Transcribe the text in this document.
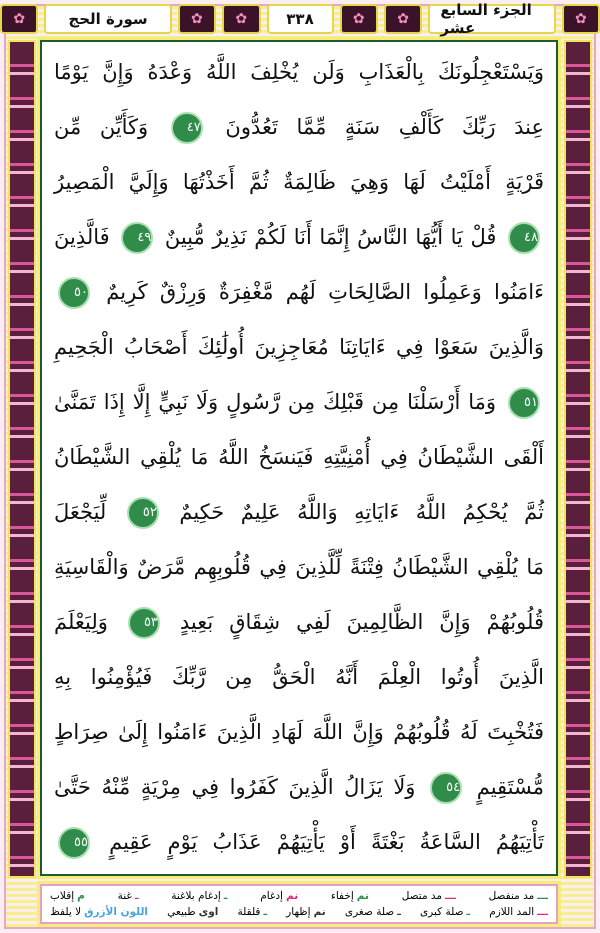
✿	سورة الحج	✿	✿	٣٣٨	✿	✿	الجزء السابع عشر	✿
وَيَسْتَعْجِلُونَكَ بِالْعَذَابِ وَلَن يُخْلِفَ اللَّهُ وَعْدَهُ وَإِنَّ يَوْمًا
عِندَ رَبِّكَ كَأَلْفِ سَنَةٍ مِّمَّا تَعُدُّونَ ٤٧ وَكَأَيِّن مِّن
قَرْيَةٍ أَمْلَيْتُ لَهَا وَهِيَ ظَالِمَةٌ ثُمَّ أَخَذْتُهَا وَإِلَيَّ الْمَصِيرُ
٤٨ قُلْ يَا أَيُّهَا النَّاسُ إِنَّمَا أَنَا لَكُمْ نَذِيرٌ مُّبِينٌ ٤٩ فَالَّذِينَ
ءَامَنُوا وَعَمِلُوا الصَّالِحَاتِ لَهُم مَّغْفِرَةٌ وَرِزْقٌ كَرِيمٌ ٥٠
وَالَّذِينَ سَعَوْا فِي ءَايَاتِنَا مُعَاجِزِينَ أُولَٰئِكَ أَصْحَابُ الْجَحِيمِ
٥١ وَمَا أَرْسَلْنَا مِن قَبْلِكَ مِن رَّسُولٍ وَلَا نَبِيٍّ إِلَّا إِذَا تَمَنَّىٰ
أَلْقَى الشَّيْطَانُ فِي أُمْنِيَّتِهِ فَيَنسَخُ اللَّهُ مَا يُلْقِي الشَّيْطَانُ
ثُمَّ يُحْكِمُ اللَّهُ ءَايَاتِهِ وَاللَّهُ عَلِيمٌ حَكِيمٌ ٥٢ لِّيَجْعَلَ
مَا يُلْقِي الشَّيْطَانُ فِتْنَةً لِّلَّذِينَ فِي قُلُوبِهِم مَّرَضٌ وَالْقَاسِيَةِ
قُلُوبُهُمْ وَإِنَّ الظَّالِمِينَ لَفِي شِقَاقٍ بَعِيدٍ ٥٣ وَلِيَعْلَمَ
الَّذِينَ أُوتُوا الْعِلْمَ أَنَّهُ الْحَقُّ مِن رَّبِّكَ فَيُؤْمِنُوا بِهِ
فَتُخْبِتَ لَهُ قُلُوبُهُمْ وَإِنَّ اللَّهَ لَهَادِ الَّذِينَ ءَامَنُوا إِلَىٰ صِرَاطٍ
مُّسْتَقِيمٍ ٥٤ وَلَا يَزَالُ الَّذِينَ كَفَرُوا فِي مِرْيَةٍ مِّنْهُ حَتَّىٰ
تَأْتِيَهُمُ السَّاعَةُ بَغْتَةً أَوْ يَأْتِيَهُمْ عَذَابُ يَوْمٍ عَقِيمٍ ٥٥
ـــ
مد منفصل
ـــ
مد متصل
نم
إخفاء
نم
إدغام
ـ
إدغام بلاغنة
ـ
غنة
م
إقلاب
ـــ
المد اللازم
ـ
صلة كبرى
ـ
صلة صغرى
نم
إظهار
ـ
قلقلة
اوى
طبيعي
اللون الأزرق
لا يلفظ
